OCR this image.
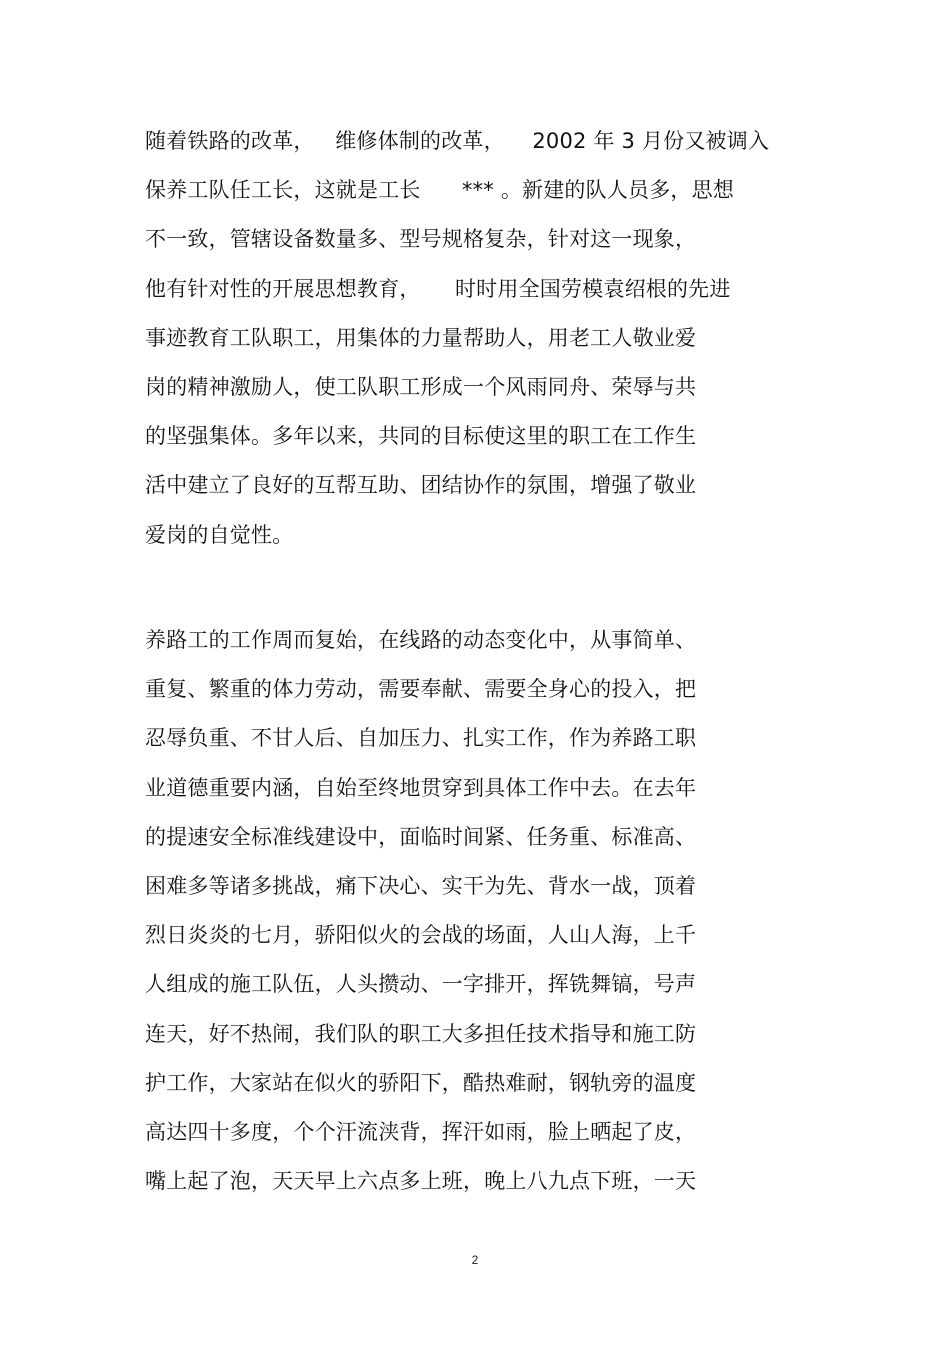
随着铁路的改革，   维修体制的改革，    2002 年 3 月份又被调入
保养工队任工长，这就是工长      *** 。新建的队人员多，思想
不一致，管辖设备数量多、型号规格复杂，针对这一现象，
他有针对性的开展思想教育，     时时用全国劳模袁绍根的先进
事迹教育工队职工，用集体的力量帮助人，用老工人敬业爱
岗的精神激励人，使工队职工形成一个风雨同舟、荣辱与共
的坚强集体。多年以来，共同的目标使这里的职工在工作生
活中建立了良好的互帮互助、团结协作的氛围，增强了敬业
爱岗的自觉性。
养路工的工作周而复始，在线路的动态变化中，从事简单、
重复、繁重的体力劳动，需要奉献、需要全身心的投入，把
忍辱负重、不甘人后、自加压力、扎实工作，作为养路工职
业道德重要内涵，自始至终地贯穿到具体工作中去。在去年
的提速安全标准线建设中，面临时间紧、任务重、标准高、
困难多等诸多挑战，痛下决心、实干为先、背水一战，顶着
烈日炎炎的七月，骄阳似火的会战的场面，人山人海，上千
人组成的施工队伍，人头攒动、一字排开，挥铣舞镐，号声
连天，好不热闹，我们队的职工大多担任技术指导和施工防
护工作，大家站在似火的骄阳下，酷热难耐，钢轨旁的温度
高达四十多度，个个汗流浃背，挥汗如雨，脸上晒起了皮，
嘴上起了泡，天天早上六点多上班，晚上八九点下班，一天
2
